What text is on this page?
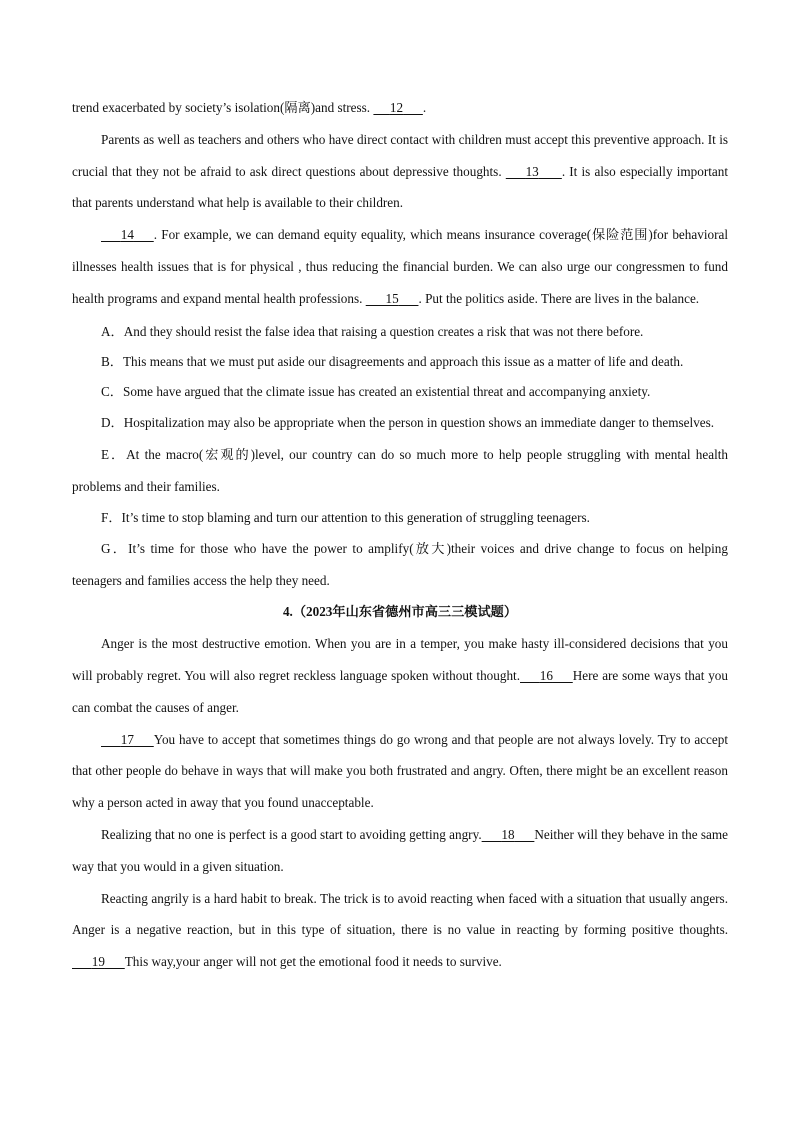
trend exacerbated by society’s isolation(隔离)and stress.      12 .

Parents as well as teachers and others who have direct contact with children must accept this preventive approach. It is crucial that they not be afraid to ask direct questions about depressive thoughts.       13 . It is also especially important that parents understand what help is available to their children.

14 . For example, we can demand equity equality, which means insurance coverage(保险范围)for behavioral illnesses health issues that is for physical , thus reducing the financial burden. We can also urge our congressmen to fund health programs and expand mental health professions.       15 . Put the politics aside. There are lives in the balance.

A．And they should resist the false idea that raising a question creates a risk that was not there before.

B．This means that we must put aside our disagreements and approach this issue as a matter of life and death.

C．Some have argued that the climate issue has created an existential threat and accompanying anxiety.

D．Hospitalization may also be appropriate when the person in question shows an immediate danger to themselves.

E．At the macro(宏观的)level, our country can do so much more to help people struggling with mental health problems and their families.

F．It’s time to stop blaming and turn our attention to this generation of struggling teenagers.

G．It’s time for those who have the power to amplify(放大)their voices and drive change to focus on helping teenagers and families access the help they need.

4.（2023年山东省德州市高三三模试题）

Anger is the most destructive emotion. When you are in a temper, you make hasty ill-considered decisions that you will probably regret. You will also regret reckless language spoken without thought. 16 Here are some ways that you can combat the causes of anger.

17 You have to accept that sometimes things do go wrong and that people are not always lovely. Try to accept that other people do behave in ways that will make you both frustrated and angry. Often, there might be an excellent reason why a person acted in away that you found unacceptable.

Realizing that no one is perfect is a good start to avoiding getting angry. 18 Neither will they behave in the same way that you would in a given situation.

Reacting angrily is a hard habit to break. The trick is to avoid reacting when faced with a situation that usually angers. Anger is a negative reaction, but in this type of situation, there is no value in reacting by forming positive thoughts.      19 This way,your anger will not get the emotional food it needs to survive.
